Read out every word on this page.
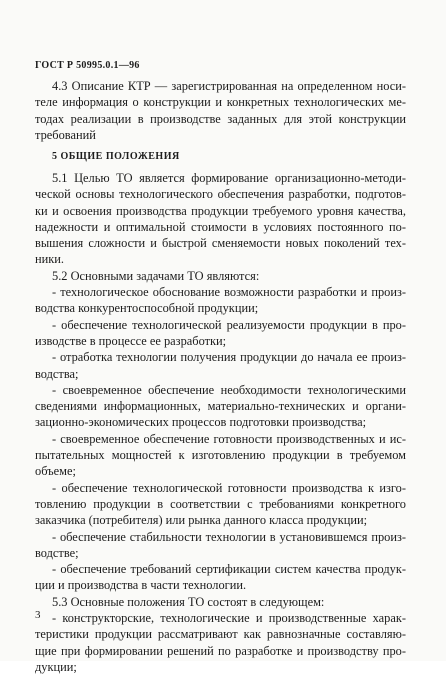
ГОСТ Р 50995.0.1—96
4.3 Описание КТР — зарегистрированная на определенном носи-
теле информация о конструкции и конкретных технологических ме-
тодах реализации в производстве заданных для этой конструкции
требований
5 ОБЩИЕ ПОЛОЖЕНИЯ
5.1 Целью ТО является формирование организационно-методи-
ческой основы технологического обеспечения разработки, подготов-
ки и освоения производства продукции требуемого уровня качества,
надежности и оптимальной стоимости в условиях постоянного по-
вышения сложности и быстрой сменяемости новых поколений тех-
ники.
5.2 Основными задачами ТО являются:
- технологическое обоснование возможности разработки и произ-
водства конкурентоспособной продукции;
- обеспечение технологической реализуемости продукции в про-
изводстве в процессе ее разработки;
- отработка технологии получения продукции до начала ее произ-
водства;
- своевременное обеспечение необходимости технологическими
сведениями информационных, материально-технических и органи-
зационно-экономических процессов подготовки производства;
- своевременное обеспечение готовности производственных и ис-
пытательных мощностей к изготовлению продукции в требуемом
объеме;
- обеспечение технологической готовности производства к изго-
товлению продукции в соответствии с требованиями конкретного
заказчика (потребителя) или рынка данного класса продукции;
- обеспечение стабильности технологии в установившемся произ-
водстве;
- обеспечение требований сертификации систем качества продук-
ции и производства в части технологии.
5.3 Основные положения ТО состоят в следующем:
- конструкторские, технологические и производственные харак-
теристики продукции рассматривают как равнозначные составляю-
щие при формировании решений по разработке и производству про-
дукции;
3
